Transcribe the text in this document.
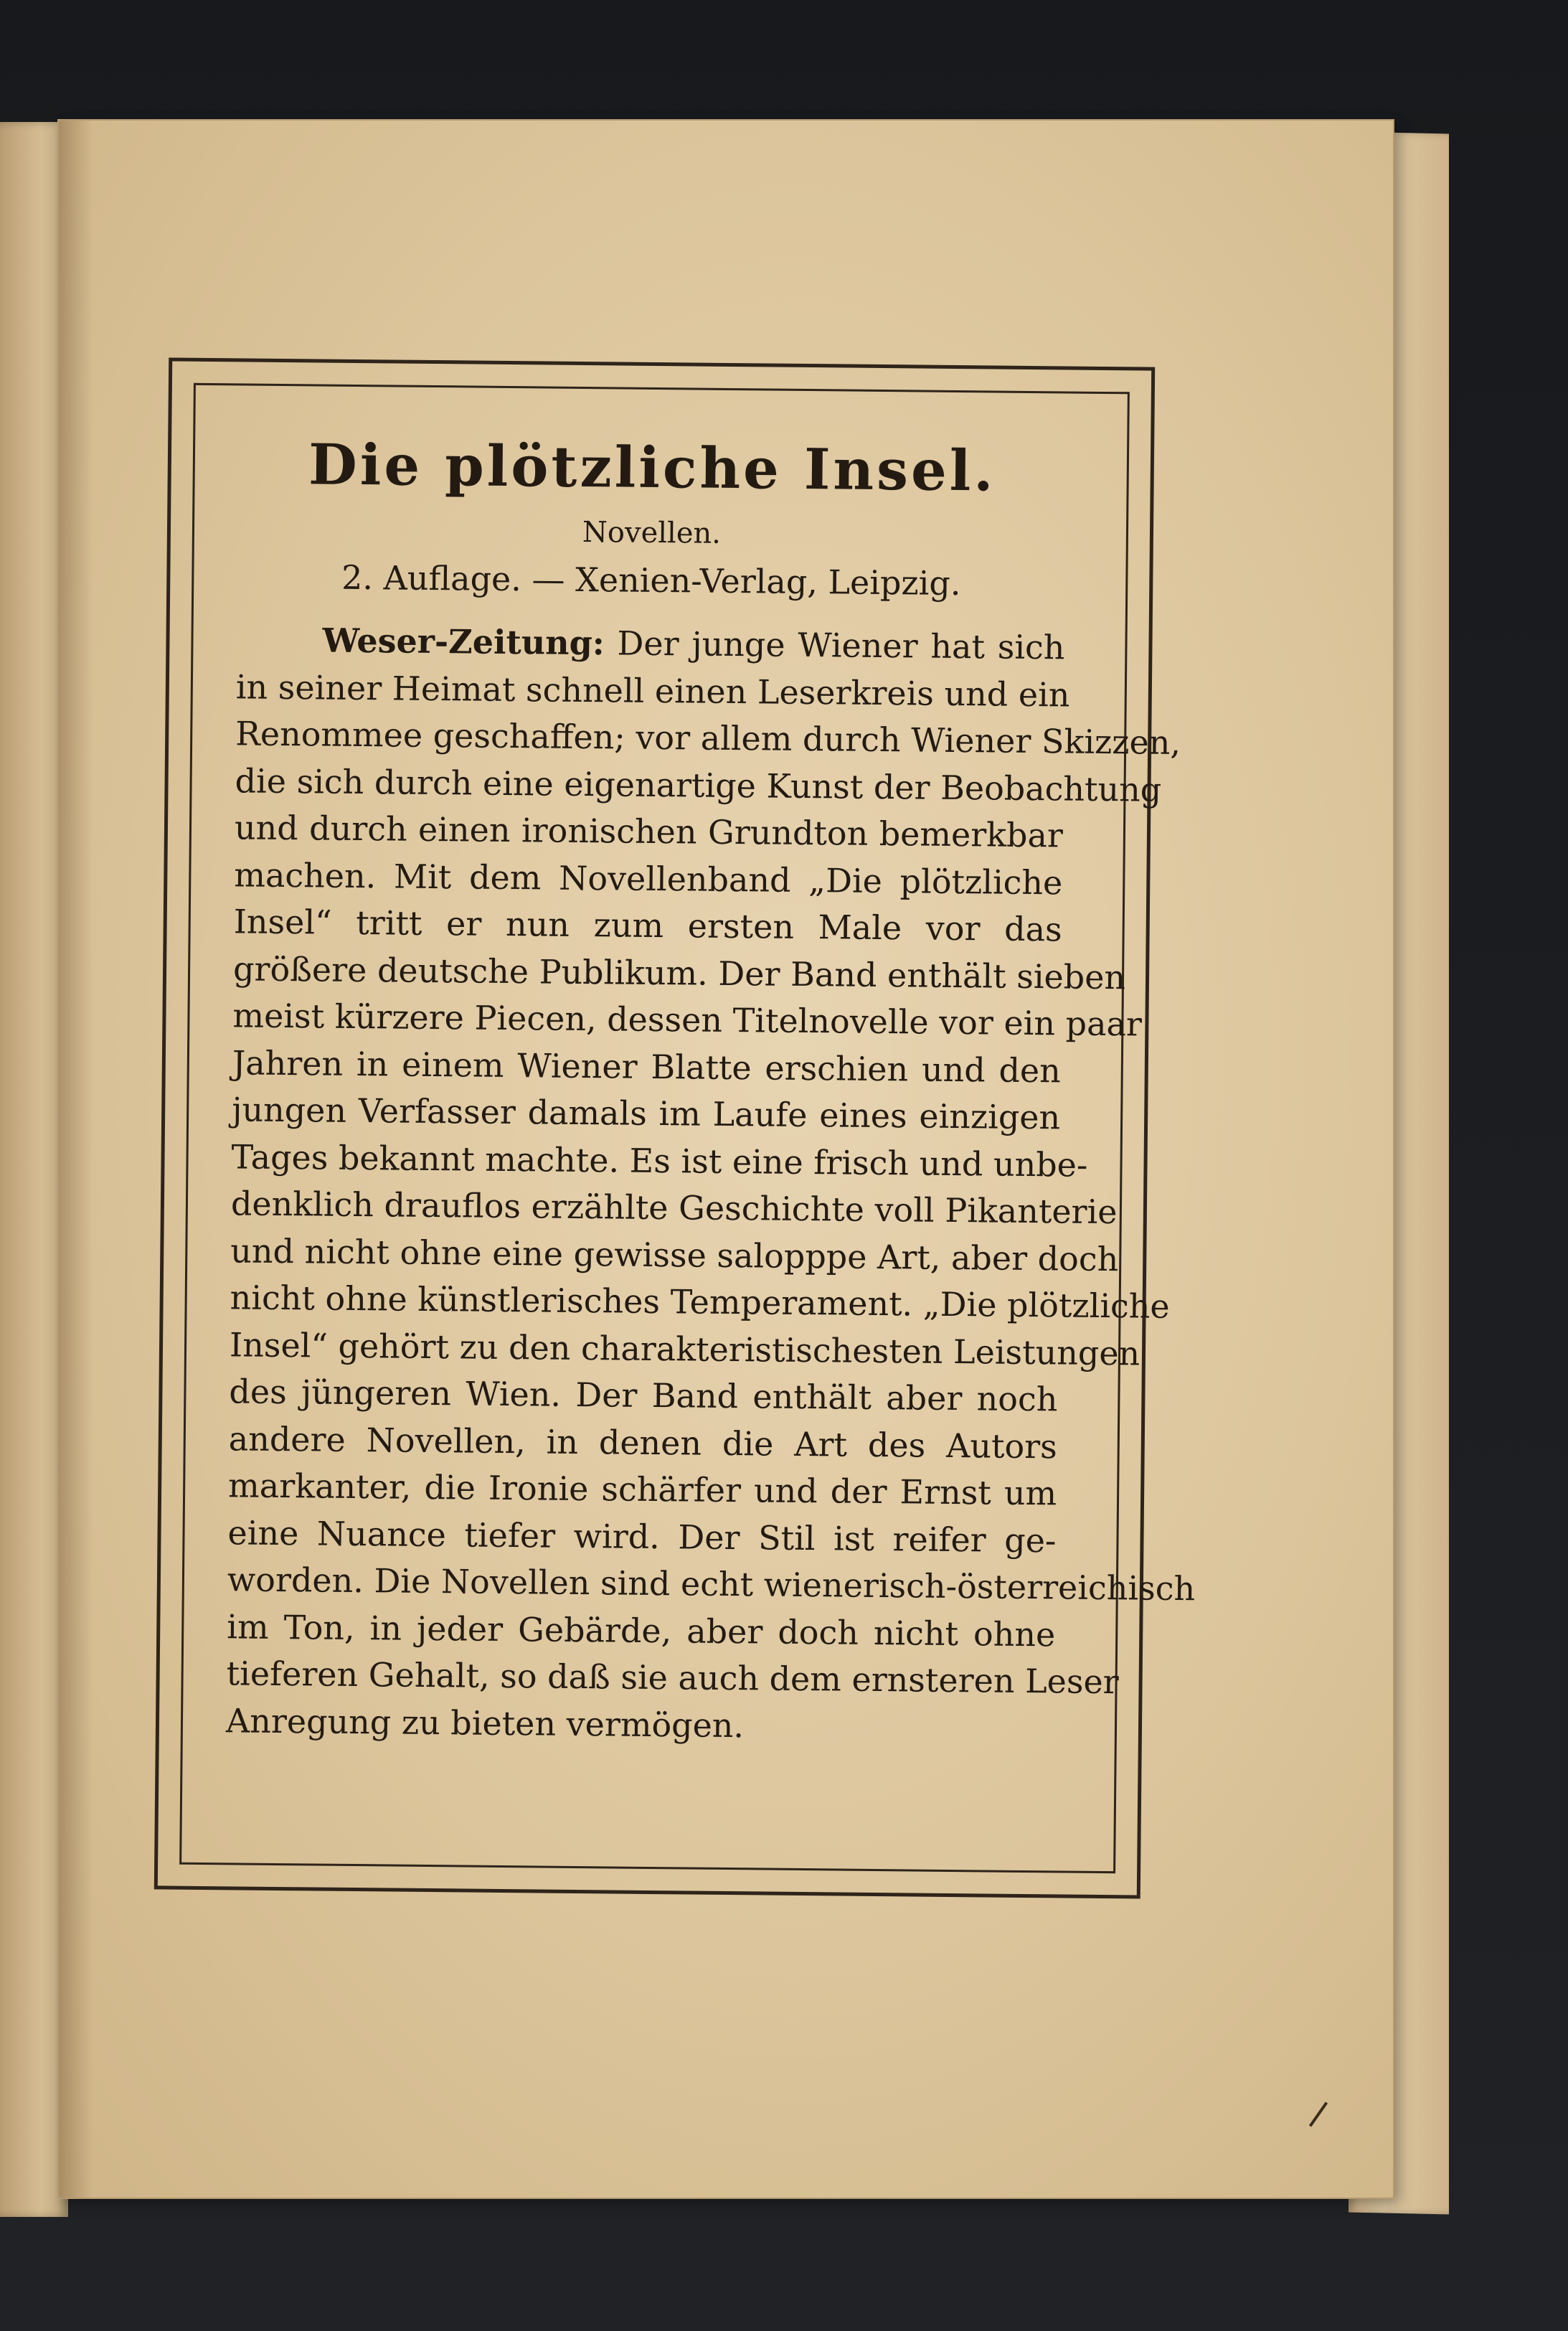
Die plötzliche Insel.
Novellen.
2. Auflage. — Xenien-Verlag, Leipzig.
Weser-Zeitung: Der junge Wiener hat sich
in seiner Heimat schnell einen Leserkreis und ein
Renommee geschaffen; vor allem durch Wiener Skizzen,
die sich durch eine eigenartige Kunst der Beobachtung
und durch einen ironischen Grundton bemerkbar
machen. Mit dem Novellenband „Die plötzliche
Insel“ tritt er nun zum ersten Male vor das
größere deutsche Publikum. Der Band enthält sieben
meist kürzere Piecen, dessen Titelnovelle vor ein paar
Jahren in einem Wiener Blatte erschien und den
jungen Verfasser damals im Laufe eines einzigen
Tages bekannt machte. Es ist eine frisch und unbe-
denklich drauflos erzählte Geschichte voll Pikanterie
und nicht ohne eine gewisse salopppe Art, aber doch
nicht ohne künstlerisches Temperament. „Die plötzliche
Insel“ gehört zu den charakteristischesten Leistungen
des jüngeren Wien. Der Band enthält aber noch
andere Novellen, in denen die Art des Autors
markanter, die Ironie schärfer und der Ernst um
eine Nuance tiefer wird. Der Stil ist reifer ge-
worden. Die Novellen sind echt wienerisch-österreichisch
im Ton, in jeder Gebärde, aber doch nicht ohne
tieferen Gehalt, so daß sie auch dem ernsteren Leser
Anregung zu bieten vermögen.
